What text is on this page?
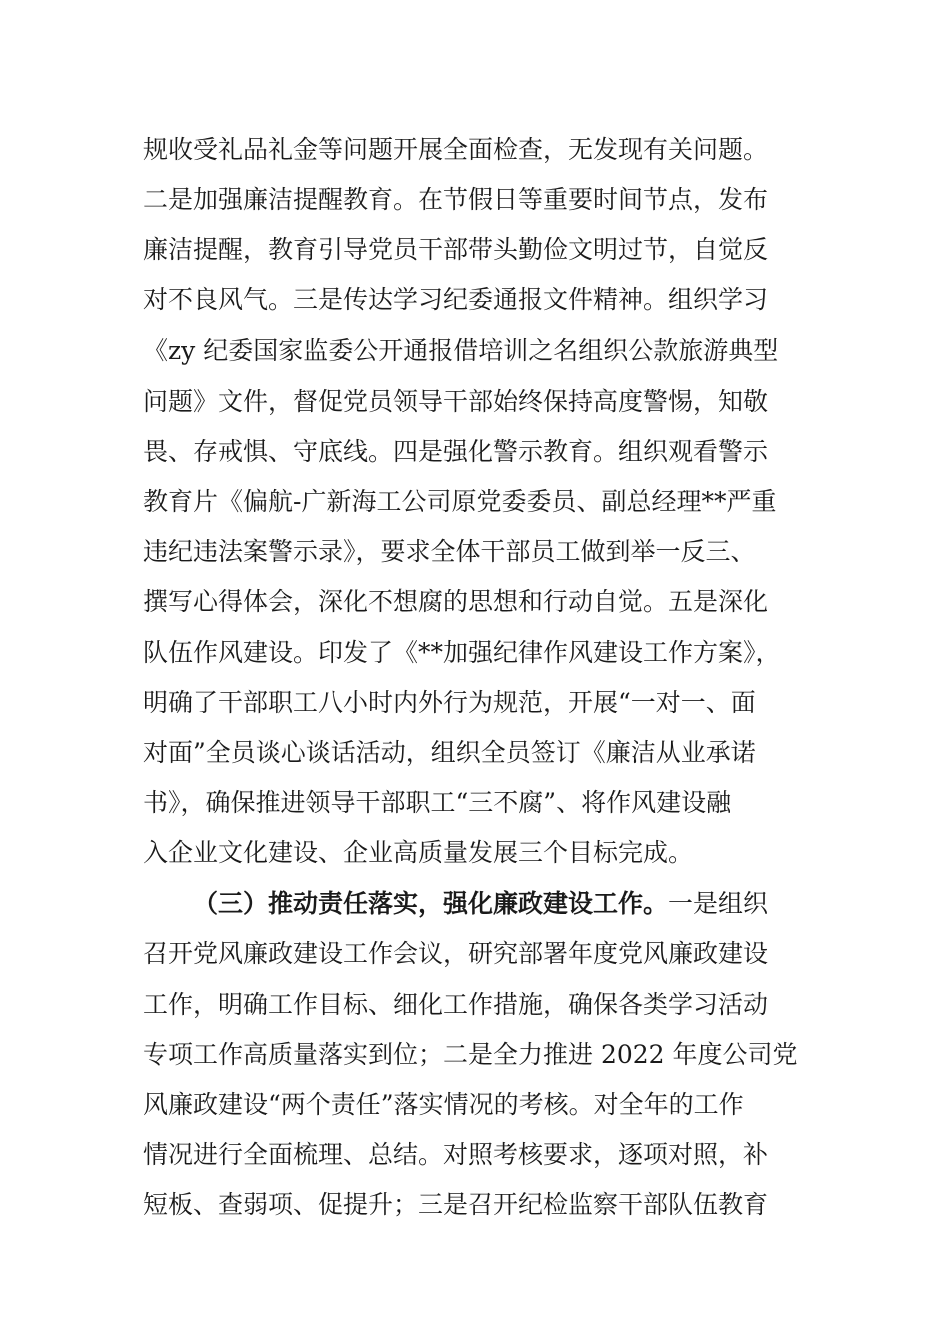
规收受礼品礼金等问题开展全面检查，无发现有关问题。
二是加强廉洁提醒教育。在节假日等重要时间节点，发布
廉洁提醒，教育引导党员干部带头勤俭文明过节，自觉反
对不良风气。三是传达学习纪委通报文件精神。组织学习
《zy 纪委国家监委公开通报借培训之名组织公款旅游典型
问题》文件，督促党员领导干部始终保持高度警惕，知敬
畏、存戒惧、守底线。四是强化警示教育。组织观看警示
教育片《偏航-广新海工公司原党委委员、副总经理**严重
违纪违法案警示录》，要求全体干部员工做到举一反三、
撰写心得体会，深化不想腐的思想和行动自觉。五是深化
队伍作风建设。印发了《**加强纪律作风建设工作方案》，
明确了干部职工八小时内外行为规范，开展“一对一、面
对面”全员谈心谈话活动，组织全员签订《廉洁从业承诺
书》，确保推进领导干部职工“三不腐”、将作风建设融
入企业文化建设、企业高质量发展三个目标完成。
（三）推动责任落实，强化廉政建设工作。一是组织
召开党风廉政建设工作会议，研究部署年度党风廉政建设
工作，明确工作目标、细化工作措施，确保各类学习活动
专项工作高质量落实到位；二是全力推进 2022 年度公司党
风廉政建设“两个责任”落实情况的考核。对全年的工作
情况进行全面梳理、总结。对照考核要求，逐项对照，补
短板、查弱项、促提升；三是召开纪检监察干部队伍教育
